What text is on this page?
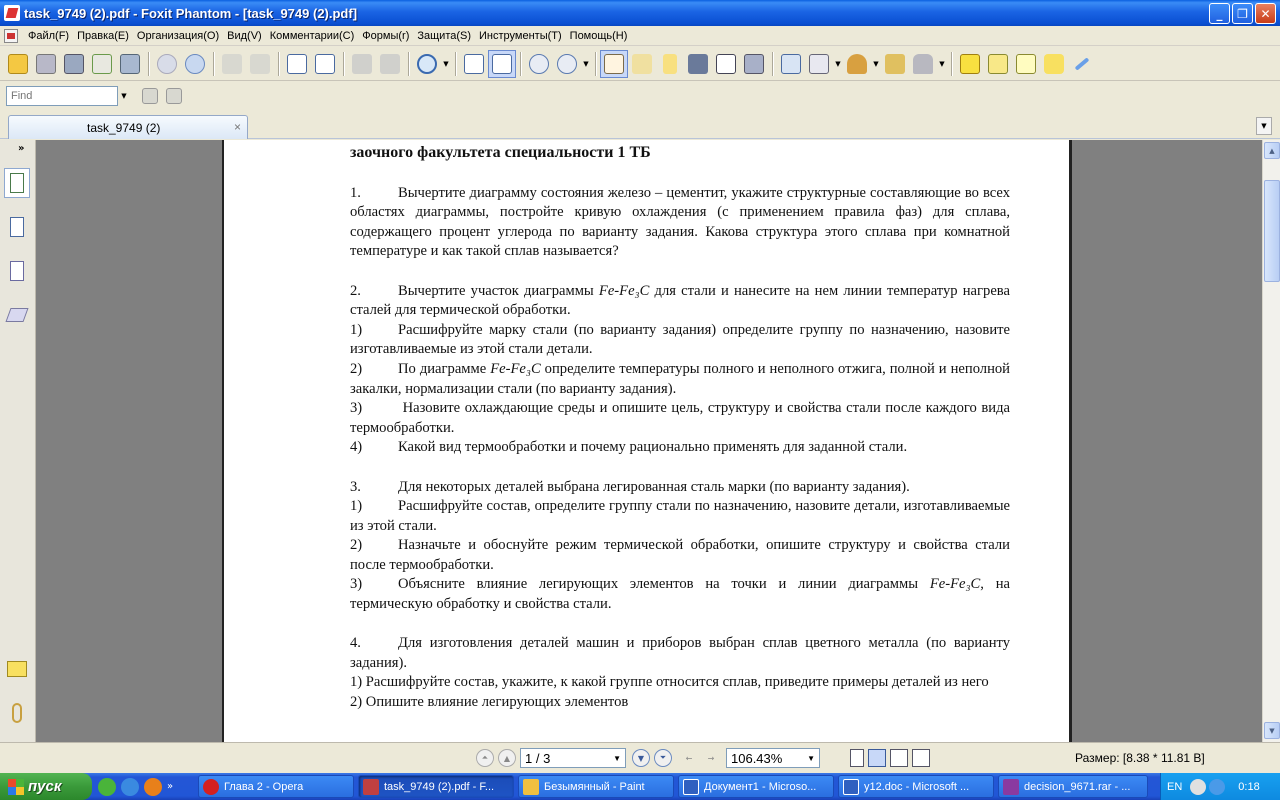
task_9749 (2).pdf - Foxit Phantom - [task_9749 (2).pdf]	_	❐	✕
Файл(F) Правка(E) Организация(O) Вид(V) Комментарии(C) Формы(r) Защита(S) Инструменты(T) Помощь(H)
▼	▼	▼	▼	▼
Find
▼
task_9749 (2)	×	▼
»	заочного факультета специальности 1 ТБ

1.	Вычертите диаграмму состояния железо – цементит, укажите структурные составляющие во всех областях диаграммы, постройте кривую охлаждения (с применением правила фаз) для сплава, содержащего процент углерода по варианту задания. Какова структура этого сплава при комнатной температуре и как такой сплав называется?

2.	Вычертите участок диаграммы Fe-Fe₃C для стали и нанесите на нем линии температур нагрева сталей для термической обработки.

1) Расшифруйте марку стали (по варианту задания) определите группу по назначению, назовите изготавливаемые из этой стали детали.

2) По диаграмме Fe-Fe₃C определите температуры полного и неполного отжига, полной и неполной закалки, нормализации стали (по варианту задания).

3) Назовите охлаждающие среды и опишите цель, структуру и свойства стали после каждого вида термообработки.

4) Какой вид термообработки и почему рационально применять для заданной стали.

3.	Для некоторых деталей выбрана легированная сталь марки (по варианту задания).

1) Расшифруйте состав, определите группу стали по назначению, назовите детали, изготавливаемые из этой стали.

2) Назначьте и обоснуйте режим термической обработки, опишите структуру и свойства стали после термообработки.

3) Объясните влияние легирующих элементов на точки и линии диаграммы Fe-Fe₃C, на термическую обработку и свойства стали.

4.	Для изготовления деталей машин и приборов выбран сплав цветного металла (по варианту задания).

1) Расшифруйте состав, укажите, к какой группе относится сплав, приведите примеры деталей из него

2) Опишите влияние легирующих элементов

▲
▼
⏶	▲	1 / 3	▼	▼	⏷	←	→	106.43%	▼	Размер: [8.38 * 11.81 В]
пуск	»	Глава 2 - Opera	task_9749 (2).pdf - F...	Безымянный - Paint	Документ1 - Microso...	y12.doc - Microsoft ...	decision_9671.rar - ...	EN	0:18
